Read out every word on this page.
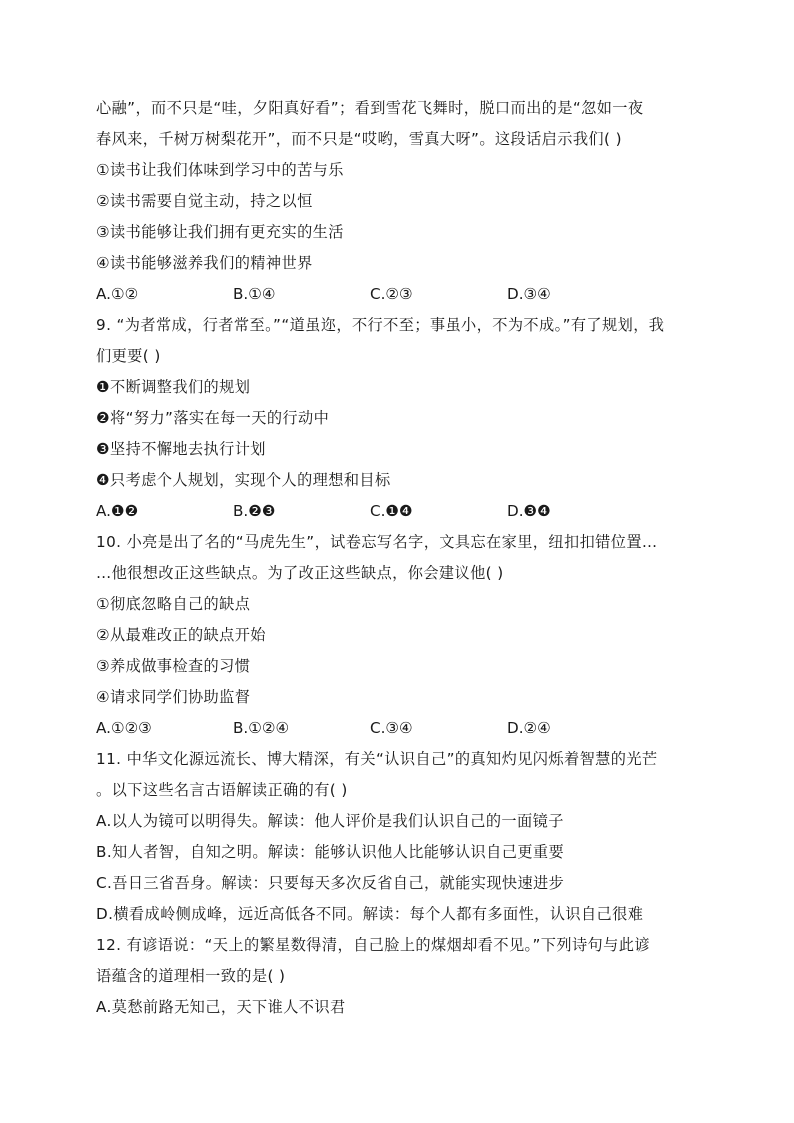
心融”，而不只是“哇，夕阳真好看”；看到雪花飞舞时，脱口而出的是“忽如一夜
春风来，千树万树梨花开”，而不只是“哎哟，雪真大呀”。这段话启示我们( )
①读书让我们体味到学习中的苦与乐
②读书需要自觉主动，持之以恒
③读书能够让我们拥有更充实的生活
④读书能够滋养我们的精神世界
A.①②	B.①④	C.②③	D.③④
9. “为者常成，行者常至。”“道虽迩，不行不至；事虽小，不为不成。”有了规划，我
们更要( )
❶不断调整我们的规划
❷将“努力”落实在每一天的行动中
❸坚持不懈地去执行计划
❹只考虑个人规划，实现个人的理想和目标
A.❶❷	B.❷❸	C.❶❹	D.❸❹
10. 小亮是出了名的“马虎先生”，试卷忘写名字，文具忘在家里，纽扣扣错位置…
…他很想改正这些缺点。为了改正这些缺点，你会建议他( )
①彻底忽略自己的缺点
②从最难改正的缺点开始
③养成做事检查的习惯
④请求同学们协助监督
A.①②③	B.①②④	C.③④	D.②④
11. 中华文化源远流长、博大精深，有关“认识自己”的真知灼见闪烁着智慧的光芒
。以下这些名言古语解读正确的有( )
A.以人为镜可以明得失。解读：他人评价是我们认识自己的一面镜子
B.知人者智，自知之明。解读：能够认识他人比能够认识自己更重要
C.吾日三省吾身。解读：只要每天多次反省自己，就能实现快速进步
D.横看成岭侧成峰，远近高低各不同。解读：每个人都有多面性，认识自己很难
12. 有谚语说：“天上的繁星数得清，自己脸上的煤烟却看不见。”下列诗句与此谚
语蕴含的道理相一致的是( )
A.莫愁前路无知己，天下谁人不识君
